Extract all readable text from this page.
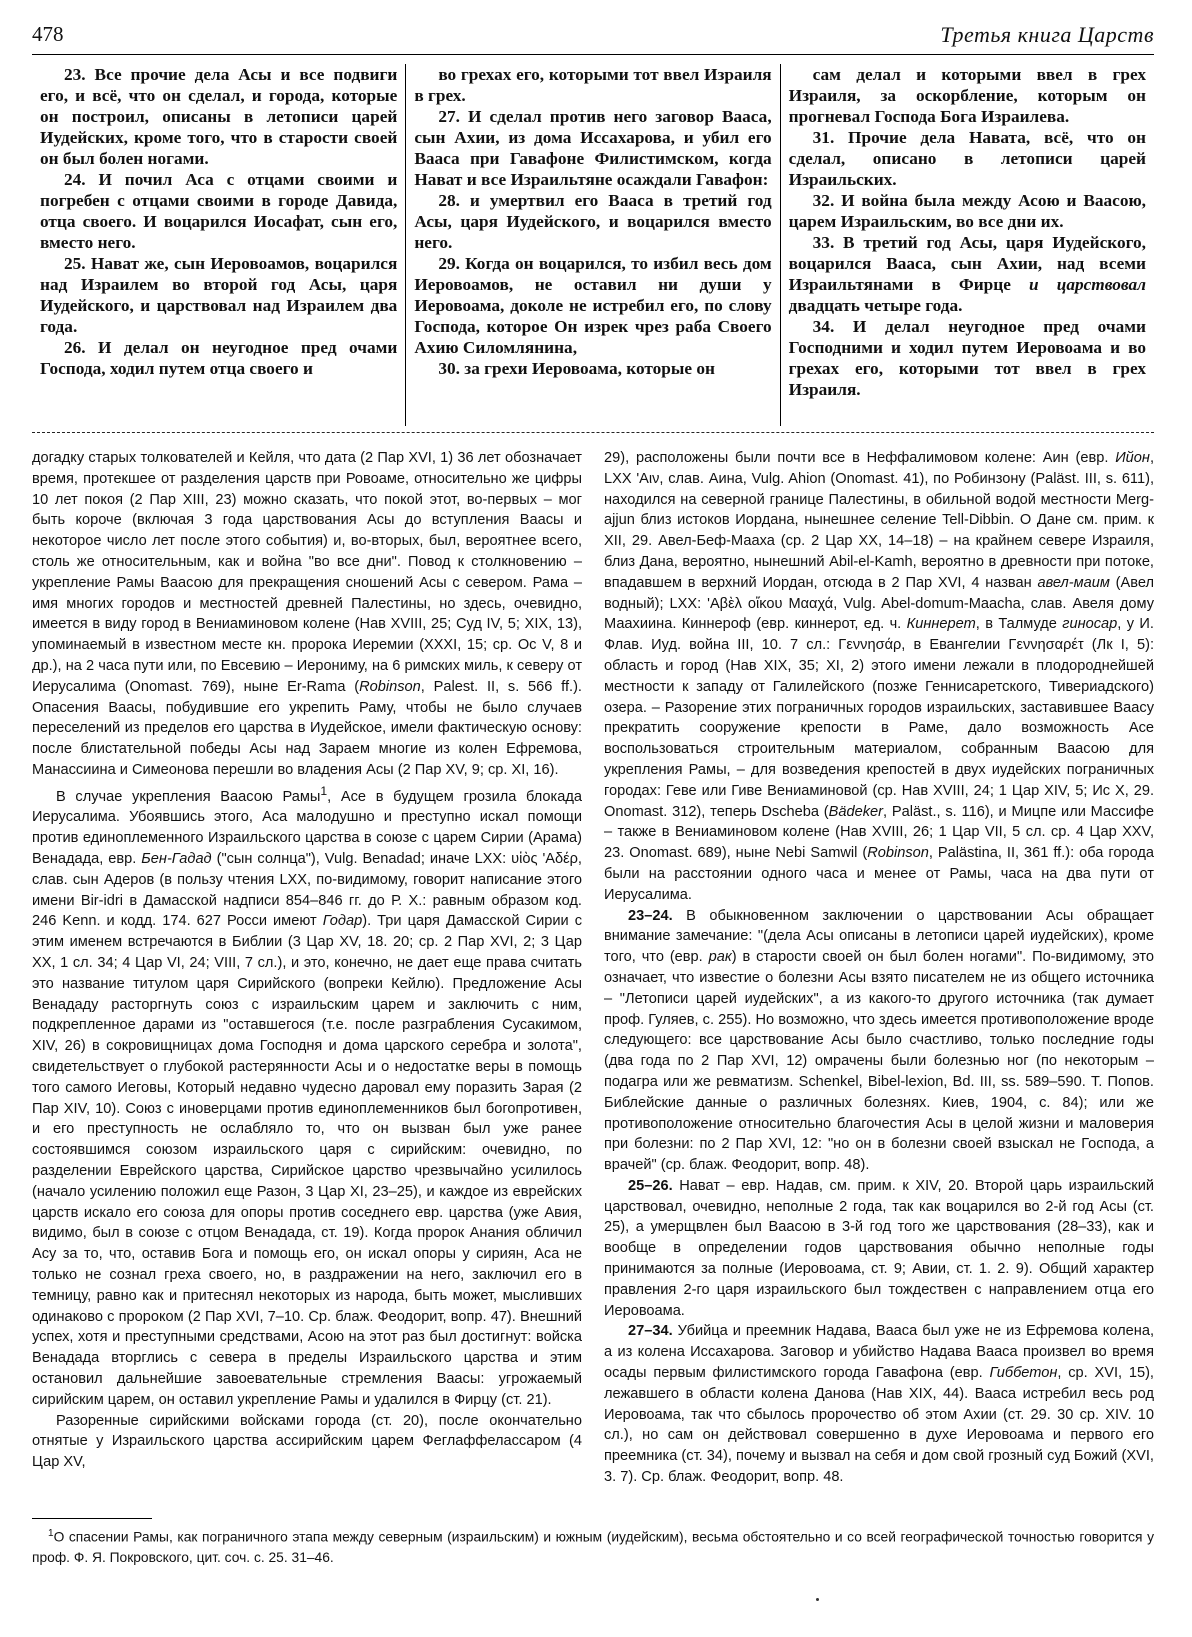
478	Третья книга Царств

23. Все прочие дела Асы и все подвиги его, и всё, что он сделал, и города, которые он построил, описаны в летописи царей Иудейских, кроме того, что в старости своей он был болен ногами.

24. И почил Аса с отцами своими и погребен с отцами своими в городе Давида, отца своего. И воцарился Иосафат, сын его, вместо него.

25. Нават же, сын Иеровоамов, воцарился над Израилем во второй год Асы, царя Иудейского, и царствовал над Израилем два года.

26. И делал он неугодное пред очами Господа, ходил путем отца своего и

во грехах его, которыми тот ввел Израиля в грех.

27. И сделал против него заговор Вааса, сын Ахии, из дома Иссахарова, и убил его Вааса при Гавафоне Филистимском, когда Нават и все Израильтяне осаждали Гавафон:

28. и умертвил его Вааса в третий год Асы, царя Иудейского, и воцарился вместо него.

29. Когда он воцарился, то избил весь дом Иеровоамов, не оставил ни души у Иеровоама, доколе не истребил его, по слову Господа, которое Он изрек чрез раба Своего Ахию Силомлянина,

30. за грехи Иеровоама, которые он

сам делал и которыми ввел в грех Израиля, за оскорбление, которым он прогневал Господа Бога Израилева.

31. Прочие дела Навата, всё, что он сделал, описано в летописи царей Израильских.

32. И война была между Асою и Ваасою, царем Израильским, во все дни их.

33. В третий год Асы, царя Иудейского, воцарился Вааса, сын Ахии, над всеми Израильтянами в Фирце и царствовал двадцать четыре года.

34. И делал неугодное пред очами Господними и ходил путем Иеровоама и во грехах его, которыми тот ввел в грех Израиля.

догадку старых толкователей и Кейля, что дата (2 Пар XVI, 1) 36 лет обозначает время, протекшее от разделения царств при Ровоаме, относительно же цифры 10 лет покоя (2 Пар XIII, 23) можно сказать, что покой этот, во-первых – мог быть короче (включая 3 года царствования Асы до вступления Ваасы и некоторое число лет после этого события) и, во-вторых, был, вероятнее всего, столь же относительным, как и война "во все дни". Повод к столкновению – укрепление Рамы Ваасою для прекращения сношений Асы с севером. Рама – имя многих городов и местностей древней Палестины, но здесь, очевидно, имеется в виду город в Вениаминовом колене (Нав XVIII, 25; Суд IV, 5; XIX, 13), упоминаемый в известном месте кн. пророка Иеремии (XXXI, 15; ср. Ос V, 8 и др.), на 2 часа пути или, по Евсевию – Иерониму, на 6 римских миль, к северу от Иерусалима (Onomast. 769), ныне Er-Rama (Robinson, Palest. II, s. 566 ff.). Опасения Ваасы, побудившие его укрепить Раму, чтобы не было случаев переселений из пределов его царства в Иудейское, имели фактическую основу: после блистательной победы Асы над Зараем многие из колен Ефремова, Манассиина и Симеонова перешли во владения Асы (2 Пар XV, 9; ср. XI, 16).

В случае укрепления Ваасою Рамы$^1$, Асе в будущем грозила блокада Иерусалима. Убоявшись этого, Аса малодушно и преступно искал помощи против единоплеменного Израильского царства в союзе с царем Сирии (Арама) Венадада, евр. Бен-Гадад ("сын солнца"), Vulg. Benadad; иначе LXX: υἱὸς 'Αδέρ, слав. сын Адеров (в пользу чтения LXX, по-видимому, говорит написание этого имени Bir-idri в Дамасской надписи 854–846 гг. до Р. Х.: равным образом код. 246 Kenn. и кодд. 174. 627 Росси имеют Годар). Три царя Дамасской Сирии с этим именем встречаются в Библии (3 Цар XV, 18. 20; ср. 2 Пар XVI, 2; 3 Цар XX, 1 сл. 34; 4 Цар VI, 24; VIII, 7 сл.), и это, конечно, не дает еще права считать это название титулом царя Сирийского (вопреки Кейлю). Предложение Асы Венададу расторгнуть союз с израильским царем и заключить с ним, подкрепленное дарами из "оставшегося (т.е. после разграбления Сусакимом, XIV, 26) в сокровищницах дома Господня и дома царского серебра и золота", свидетельствует о глубокой растерянности Асы и о недостатке веры в помощь того самого Иеговы, Который недавно чудесно даровал ему поразить Зарая (2 Пар XIV, 10). Союз с иноверцами против единоплеменников был богопротивен, и его преступность не ослабляло то, что он вызван был уже ранее состоявшимся союзом израильского царя с сирийским: очевидно, по разделении Еврейского царства, Сирийское царство чрезвычайно усилилось (начало усилению положил еще Разон, 3 Цар XI, 23–25), и каждое из еврейских царств искало его союза для опоры против соседнего евр. царства (уже Авия, видимо, был в союзе с отцом Венадада, ст. 19). Когда пророк Анания обличил Асу за то, что, оставив Бога и помощь его, он искал опоры у сириян, Аса не только не сознал греха своего, но, в раздражении на него, заключил его в темницу, равно как и притеснял некоторых из народа, быть может, мысливших одинаково с пророком (2 Пар XVI, 7–10. Ср. блаж. Феодорит, вопр. 47). Внешний успех, хотя и преступными средствами, Асою на этот раз был достигнут: войска Венадада вторглись с севера в пределы Израильского царства и этим остановил дальнейшие завоевательные стремления Ваасы: угрожаемый сирийским царем, он оставил укрепление Рамы и удалился в Фирцу (ст. 21).

Разоренные сирийскими войсками города (ст. 20), после окончательно отнятые у Израильского царства ассирийским царем Феглаффелассаром (4 Цар XV,

29), расположены были почти все в Неффалимовом колене: Аин (евр. Ийон, LXX 'Αιν, слав. Аина, Vulg. Ahion (Onomast. 41), по Робинзону (Paläst. III, s. 611), находился на северной границе Палестины, в обильной водой местности Merg-ajjun близ истоков Иордана, нынешнее селение Tell-Dibbin. О Дане см. прим. к XII, 29. Авел-Беф-Мааха (ср. 2 Цар XX, 14–18) – на крайнем севере Израиля, близ Дана, вероятно, нынешний Abil-el-Kamh, вероятно в древности при потоке, впадавшем в верхний Иордан, отсюда в 2 Пар XVI, 4 назван авел-маим (Авел водный); LXX: 'Αβὲλ οἴκου Μααχά, Vulg. Abel-domum-Maacha, слав. Авеля дому Маахиина. Киннероф (евр. киннерот, ед. ч. Киннерет, в Талмуде гиносар, у И. Флав. Иуд. война III, 10. 7 сл.: Γεννησάρ, в Евангелии Γεννησαρέτ (Лк I, 5): область и город (Нав XIX, 35; XI, 2) этого имени лежали в плодороднейшей местности к западу от Галилейского (позже Геннисаретского, Тивериадского) озера. – Разорение этих пограничных городов израильских, заставившее Ваасу прекратить сооружение крепости в Раме, дало возможность Асе воспользоваться строительным материалом, собранным Ваасою для укрепления Рамы, – для возведения крепостей в двух иудейских пограничных городах: Геве или Гиве Вениаминовой (ср. Нав XVIII, 24; 1 Цар XIV, 5; Ис X, 29. Onomast. 312), теперь Dscheba (Bädeker, Paläst., s. 116), и Мицпе или Массифе – также в Вениаминовом колене (Нав XVIII, 26; 1 Цар VII, 5 сл. ср. 4 Цар XXV, 23. Onomast. 689), ныне Nebi Samwil (Robinson, Palästina, II, 361 ff.): оба города были на расстоянии одного часа и менее от Рамы, часа на два пути от Иерусалима.

23–24. В обыкновенном заключении о царствовании Асы обращает внимание замечание: "(дела Асы описаны в летописи царей иудейских), кроме того, что (евр. рак) в старости своей он был болен ногами". По-видимому, это означает, что известие о болезни Асы взято писателем не из общего источника – "Летописи царей иудейских", а из какого-то другого источника (так думает проф. Гуляев, с. 255). Но возможно, что здесь имеется противоположение вроде следующего: все царствование Асы было счастливо, только последние годы (два года по 2 Пар XVI, 12) омрачены были болезнью ног (по некоторым – подагра или же ревматизм. Schenkel, Bibel-lexion, Bd. III, ss. 589–590. Т. Попов. Библейские данные о различных болезнях. Киев, 1904, с. 84); или же противоположение относительно благочестия Асы в целой жизни и маловерия при болезни: по 2 Пар XVI, 12: "но он в болезни своей взыскал не Господа, а врачей" (ср. блаж. Феодорит, вопр. 48).

25–26. Нават – евр. Надав, см. прим. к XIV, 20. Второй царь израильский царствовал, очевидно, неполные 2 года, так как воцарился во 2-й год Асы (ст. 25), а умерщвлен был Ваасою в 3-й год того же царствования (28–33), как и вообще в определении годов царствования обычно неполные годы принимаются за полные (Иеровоама, ст. 9; Авии, ст. 1. 2. 9). Общий характер правления 2-го царя израильского был тождествен с направлением отца его Иеровоама.

27–34. Убийца и преемник Надава, Вааса был уже не из Ефремова колена, а из колена Иссахарова. Заговор и убийство Надава Вааса произвел во время осады первым филистимского города Гавафона (евр. Гиббетон, ср. XVI, 15), лежавшего в области колена Данова (Нав XIX, 44). Вааса истребил весь род Иеровоама, так что сбылось пророчество об этом Ахии (ст. 29. 30 ср. XIV. 10 сл.), но сам он действовал совершенно в духе Иеровоама и первого его преемника (ст. 34), почему и вызвал на себя и дом свой грозный суд Божий (XVI, 3. 7). Ср. блаж. Феодорит, вопр. 48.

$^1$О спасении Рамы, как пограничного этапа между северным (израильским) и южным (иудейским), весьма обстоятельно и со всей географической точностью говорится у проф. Ф. Я. Покровского, цит. соч. с. 25. 31–46.
